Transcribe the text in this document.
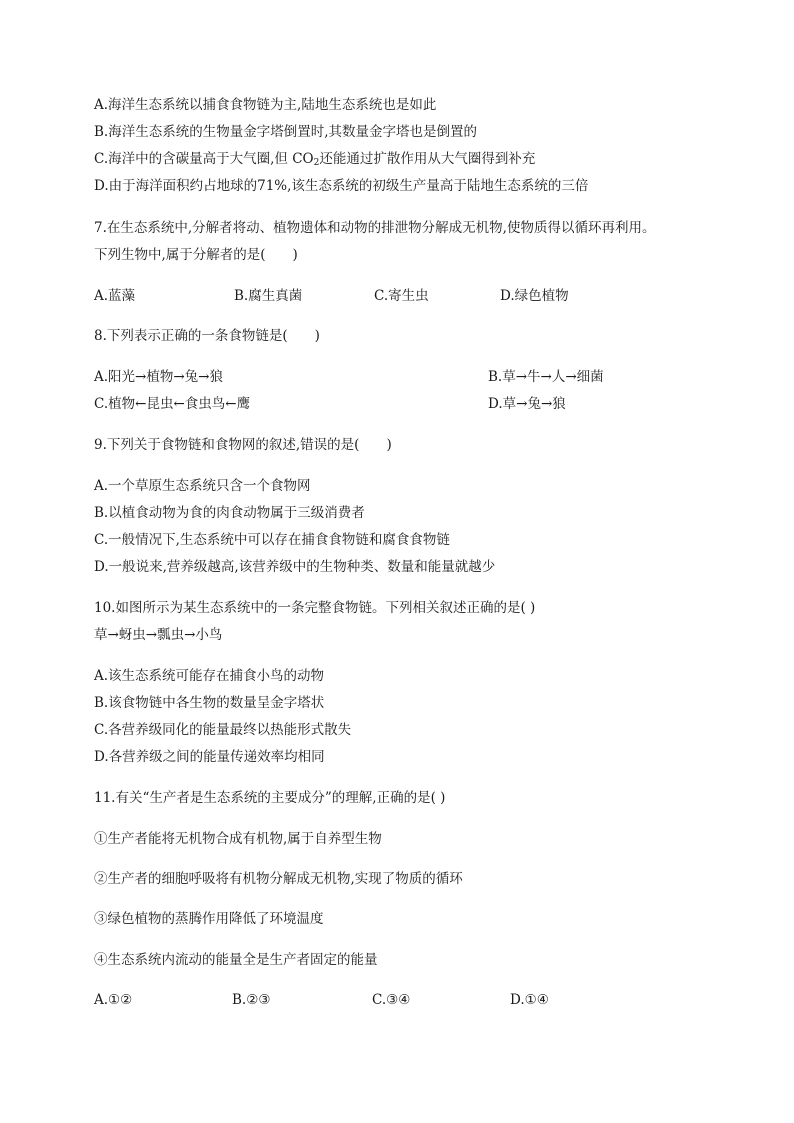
A.海洋生态系统以捕食食物链为主,陆地生态系统也是如此
B.海洋生态系统的生物量金字塔倒置时,其数量金字塔也是倒置的
C.海洋中的含碳量高于大气圈,但 $CO_2$还能通过扩散作用从大气圈得到补充
D.由于海洋面积约占地球的71%,该生态系统的初级生产量高于陆地生态系统的三倍
7.在生态系统中,分解者将动、植物遗体和动物的排泄物分解成无机物,使物质得以循环再利用。
下列生物中,属于分解者的是(　　)
A.蓝藻	B.腐生真菌	C.寄生虫	D.绿色植物
8.下列表示正确的一条食物链是(　　)
A.阳光→植物→兔→狼	B.草→牛→人→细菌
C.植物←昆虫←食虫鸟←鹰	D.草→兔→狼
9.下列关于食物链和食物网的叙述,错误的是(　　)
A.一个草原生态系统只含一个食物网
B.以植食动物为食的肉食动物属于三级消费者
C.一般情况下,生态系统中可以存在捕食食物链和腐食食物链
D.一般说来,营养级越高,该营养级中的生物种类、数量和能量就越少
10.如图所示为某生态系统中的一条完整食物链。下列相关叙述正确的是( )
草→蚜虫→瓢虫→小鸟
A.该生态系统可能存在捕食小鸟的动物
B.该食物链中各生物的数量呈金字塔状
C.各营养级同化的能量最终以热能形式散失
D.各营养级之间的能量传递效率均相同
11.有关“生产者是生态系统的主要成分”的理解,正确的是( )
①生产者能将无机物合成有机物,属于自养型生物
②生产者的细胞呼吸将有机物分解成无机物,实现了物质的循环
③绿色植物的蒸腾作用降低了环境温度
④生态系统内流动的能量全是生产者固定的能量
A.①②	B.②③	C.③④	D.①④
